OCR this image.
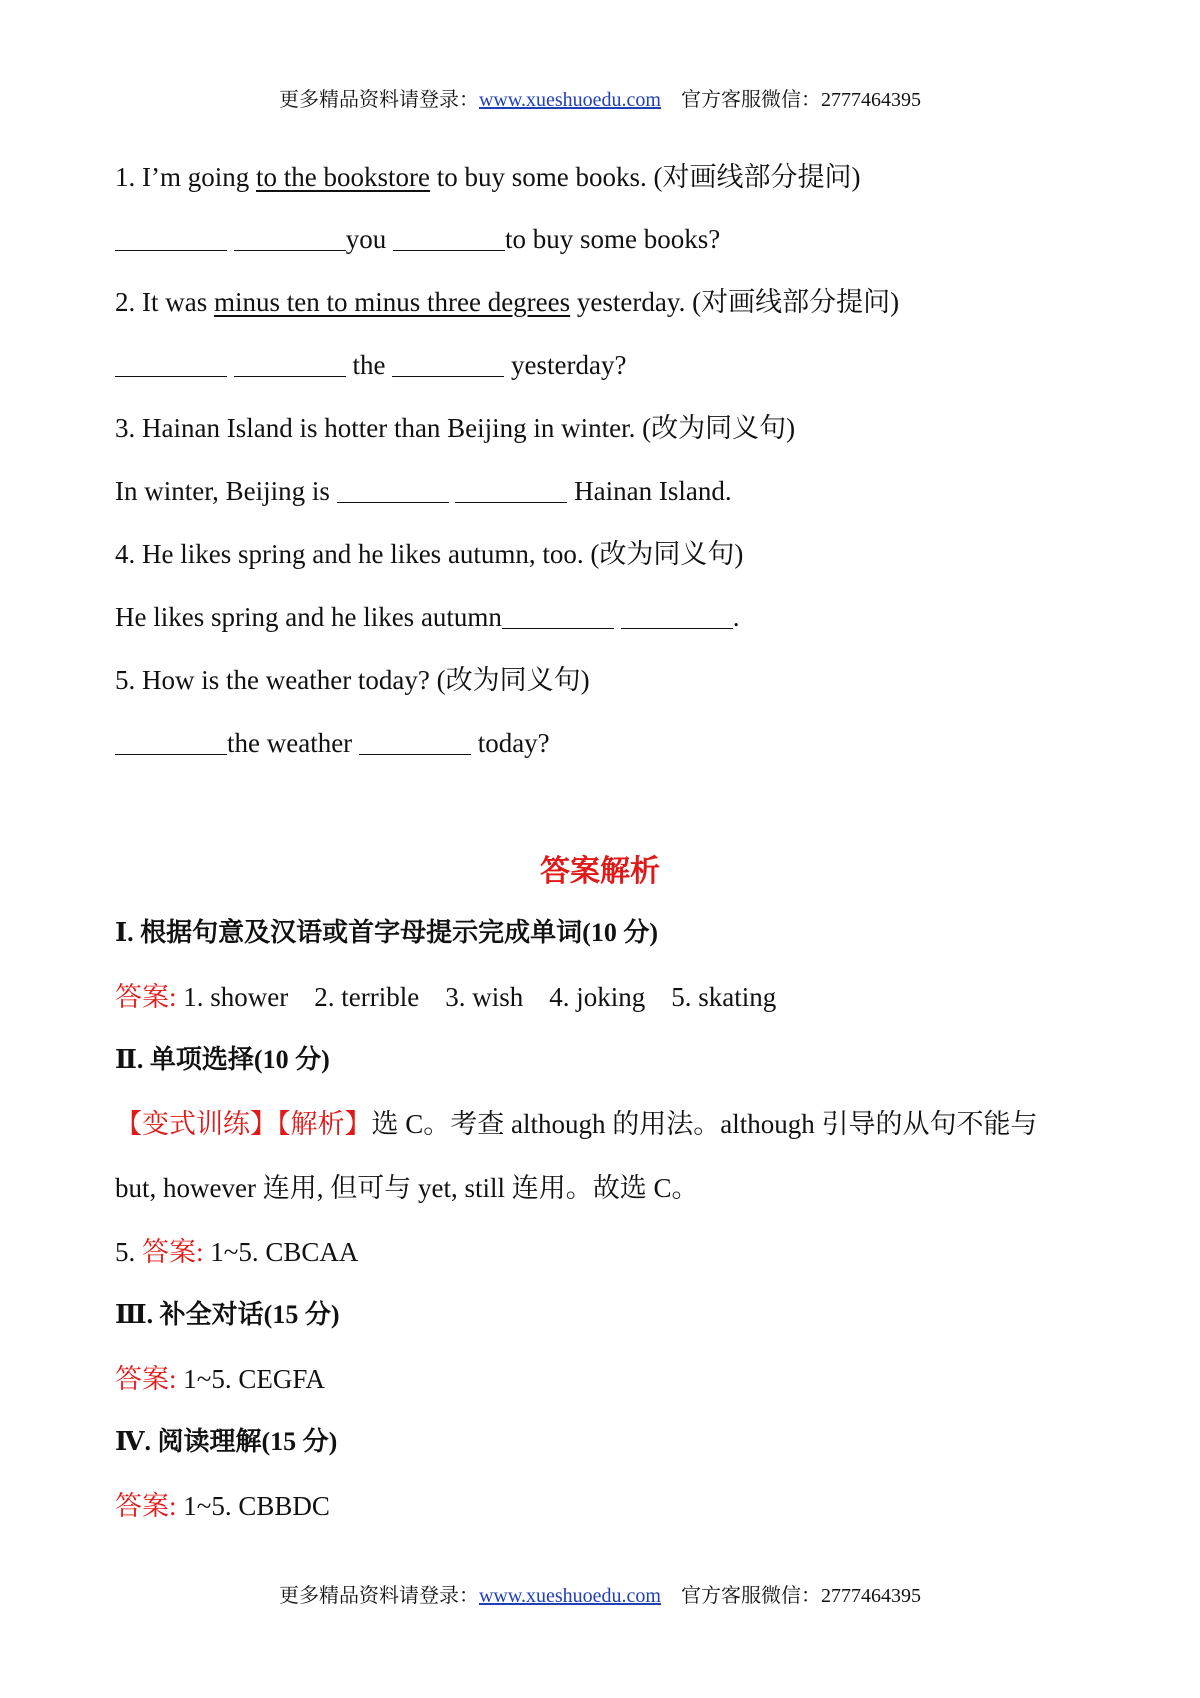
更多精品资料请登录：www.xueshuoedu.com 官方客服微信：2777464395

1. I’m going to the bookstore to buy some books. (对画线部分提问)

you	to buy some books?

2. It was minus ten to minus three degrees yesterday. (对画线部分提问)

the	yesterday?

3. Hainan Island is hotter than Beijing in winter. (改为同义句)

In winter, Beijing is	Hainan Island.

4. He likes spring and he likes autumn, too. (改为同义句)

He likes spring and he likes autumn	.

5. How is the weather today? (改为同义句)

the weather	today?

答案解析

Ⅰ. 根据句意及汉语或首字母提示完成单词(10 分)

答案: 1. shower 2. terrible 3. wish 4. joking 5. skating

Ⅱ. 单项选择(10 分)

【变式训练】【解析】选 C。考查 although 的用法。although 引导的从句不能与

but, however 连用, 但可与 yet, still 连用。故选 C。

5. 答案: 1~5. CBCAA

Ⅲ. 补全对话(15 分)

答案: 1~5. CEGFA

Ⅳ. 阅读理解(15 分)

答案: 1~5. CBBDC

更多精品资料请登录：www.xueshuoedu.com 官方客服微信：2777464395
